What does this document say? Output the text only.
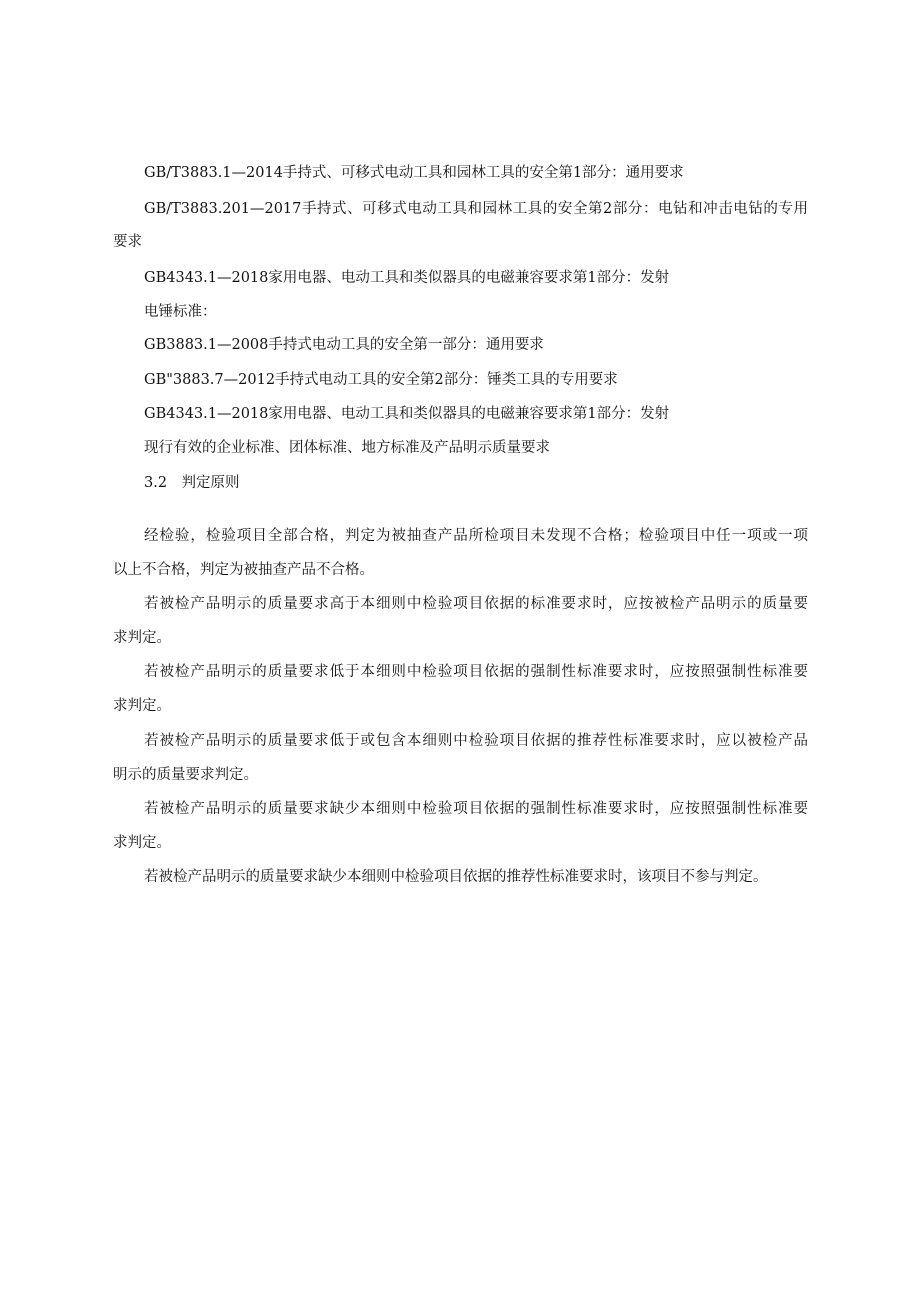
GB/T3883.1—2014手持式、可移式电动工具和园林工具的安全第1部分：通用要求
GB/T3883.201—2017手持式、可移式电动工具和园林工具的安全第2部分：电钻和冲击电钻的专用
要求
GB4343.1—2018家用电器、电动工具和类似器具的电磁兼容要求第1部分：发射
电锤标准：
GB3883.1—2008手持式电动工具的安全第一部分：通用要求
GB"3883.7—2012手持式电动工具的安全第2部分：锤类工具的专用要求
GB4343.1—2018家用电器、电动工具和类似器具的电磁兼容要求第1部分：发射
现行有效的企业标准、团体标准、地方标准及产品明示质量要求
3.2　判定原则
经检验，检验项目全部合格，判定为被抽查产品所检项目未发现不合格；检验项目中任一项或一项
以上不合格，判定为被抽查产品不合格。
若被检产品明示的质量要求高于本细则中检验项目依据的标准要求时，应按被检产品明示的质量要
求判定。
若被检产品明示的质量要求低于本细则中检验项目依据的强制性标准要求时，应按照强制性标准要
求判定。
若被检产品明示的质量要求低于或包含本细则中检验项目依据的推荐性标准要求时，应以被检产品
明示的质量要求判定。
若被检产品明示的质量要求缺少本细则中检验项目依据的强制性标准要求时，应按照强制性标准要
求判定。
若被检产品明示的质量要求缺少本细则中检验项目依据的推荐性标准要求时，该项目不参与判定。
